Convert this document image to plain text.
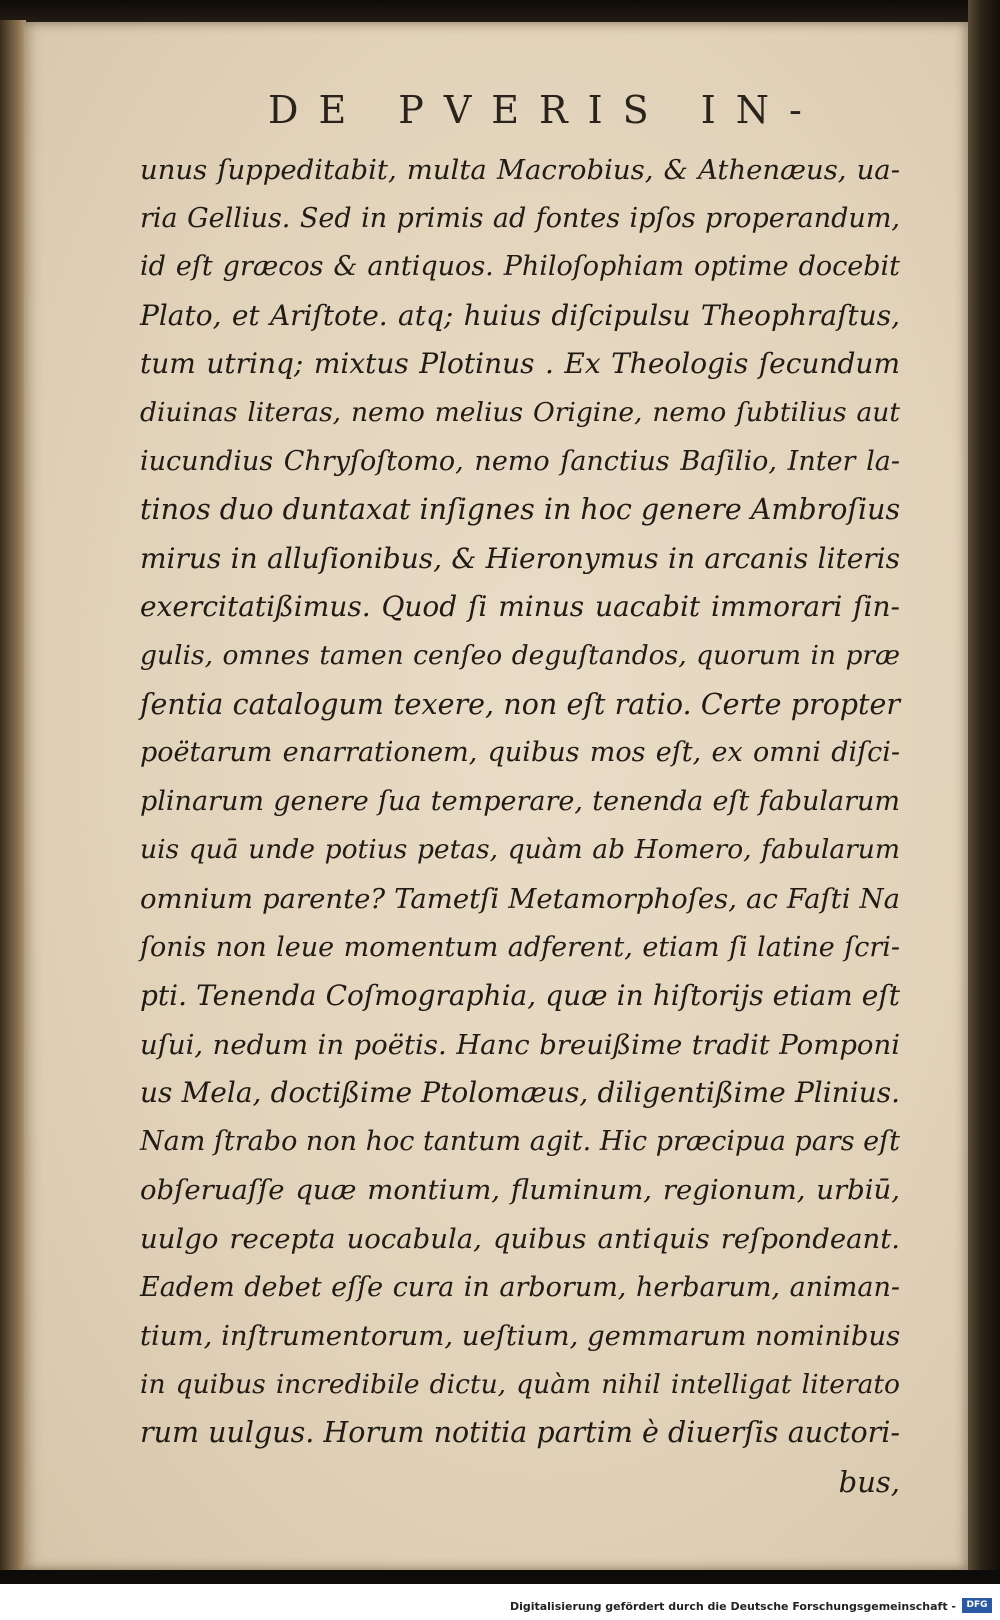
DE PVERIS IN-
unus ſuppeditabit, multa Macrobius, & Athenæus, ua-
ria Gellius. Sed in primis ad fontes ipſos properandum,
id eſt græcos & antiquos. Philoſophiam optime docebit
Plato, et Ariſtote. atq; huius diſcipulsu Theophraſtus,
tum utrinq; mixtus Plotinus . Ex Theologis ſecundum
diuinas literas, nemo melius Origine, nemo ſubtilius aut
iucundius Chryſoſtomo, nemo ſanctius Baſilio, Inter la-
tinos duo duntaxat inſignes in hoc genere Ambroſius
mirus in alluſionibus, & Hieronymus in arcanis literis
exercitatißimus. Quod ſi minus uacabit immorari ſin-
gulis, omnes tamen cenſeo deguſtandos, quorum in præ
ſentia catalogum texere, non eſt ratio. Certe propter
poëtarum enarrationem, quibus mos eſt, ex omni diſci-
plinarum genere ſua temperare, tenenda eſt fabularum
uis quā unde potius petas, quàm ab Homero, fabularum
omnium parente? Tametſi Metamorphoſes, ac Faſti Na
ſonis non leue momentum adferent, etiam ſi latine ſcri-
pti. Tenenda Coſmographia, quæ in hiſtorijs etiam eſt
uſui, nedum in poëtis. Hanc breuißime tradit Pomponi
us Mela, doctißime Ptolomæus, diligentißime Plinius.
Nam ſtrabo non hoc tantum agit. Hic præcipua pars eſt
obſeruaſſe quæ montium, fluminum, regionum, urbiū,
uulgo recepta uocabula, quibus antiquis reſpondeant.
Eadem debet eſſe cura in arborum, herbarum, animan-
tium, inſtrumentorum, ueſtium, gemmarum nominibus
in quibus incredibile dictu, quàm nihil intelligat literato
rum uulgus. Horum notitia partim è diuerſis auctori-
bus,
Digitalisierung gefördert durch die Deutsche Forschungsgemeinschaft -	DFG
